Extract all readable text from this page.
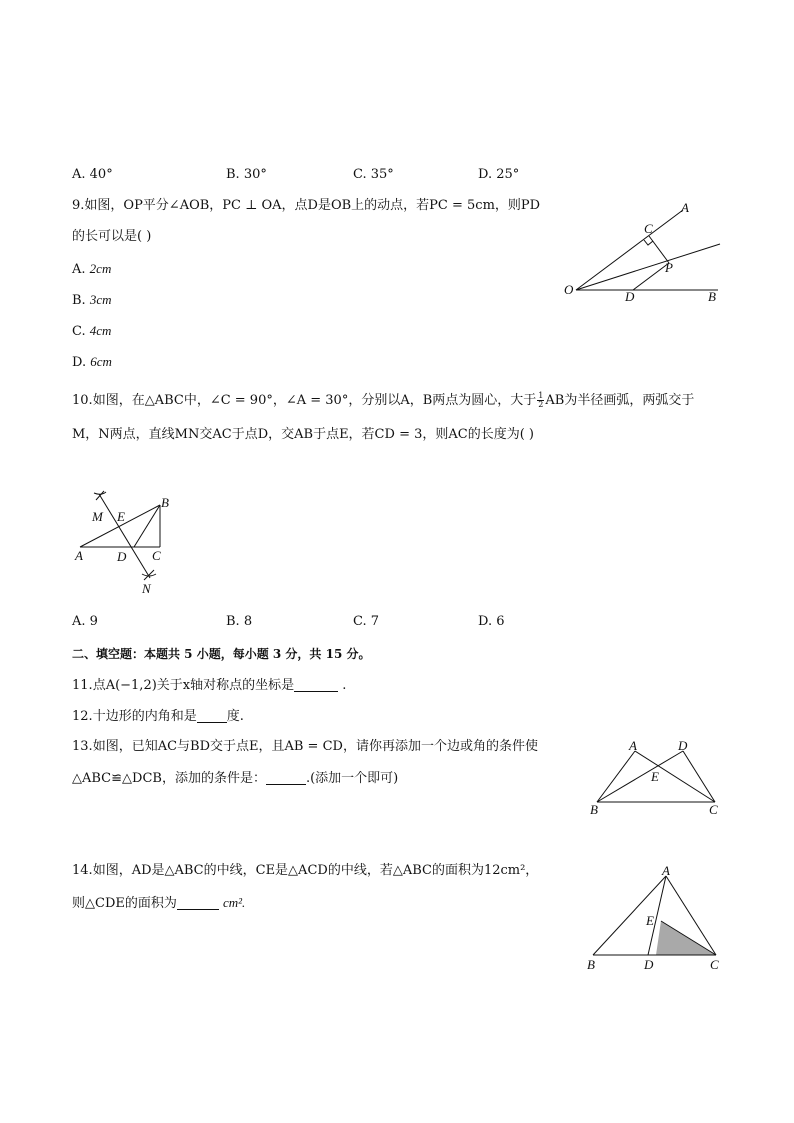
A. 40°	B. 30°	C. 35°	D. 25°
9.如图，OP平分∠AOB，PC ⊥ OA，点D是OB上的动点，若PC = 5cm，则PD
的长可以是( )
A. 2cm
B. 3cm
C. 4cm
D. 6cm
A
C
P
O	D	B
10.如图，在△ABC中，∠C = 90°，∠A = 30°，分别以A，B两点为圆心，大于 $\frac{1}{2}$ AB为半径画弧，两弧交于
M，N两点，直线MN交AC于点D，交AB于点E，若CD = 3，则AC的长度为( )
B
M E
A	D C
N
A. 9	B. 8	C. 7	D. 6
二、填空题：本题共 5 小题，每小题 3 分，共 15 分。
11.点A(−1,2)关于x轴对称点的坐标是	.
12.十边形的内角和是 度.
13.如图，已知AC与BD交于点E，且AB = CD，请你再添加一个边或角的条件使
△ABC≌△DCB，添加的条件是：	.(添加一个即可)
A	D
E
B	C
14.如图，AD是△ABC的中线，CE是△ACD的中线，若△ABC的面积为12cm²，
则△CDE的面积为	cm².
A
E
B	D	C
